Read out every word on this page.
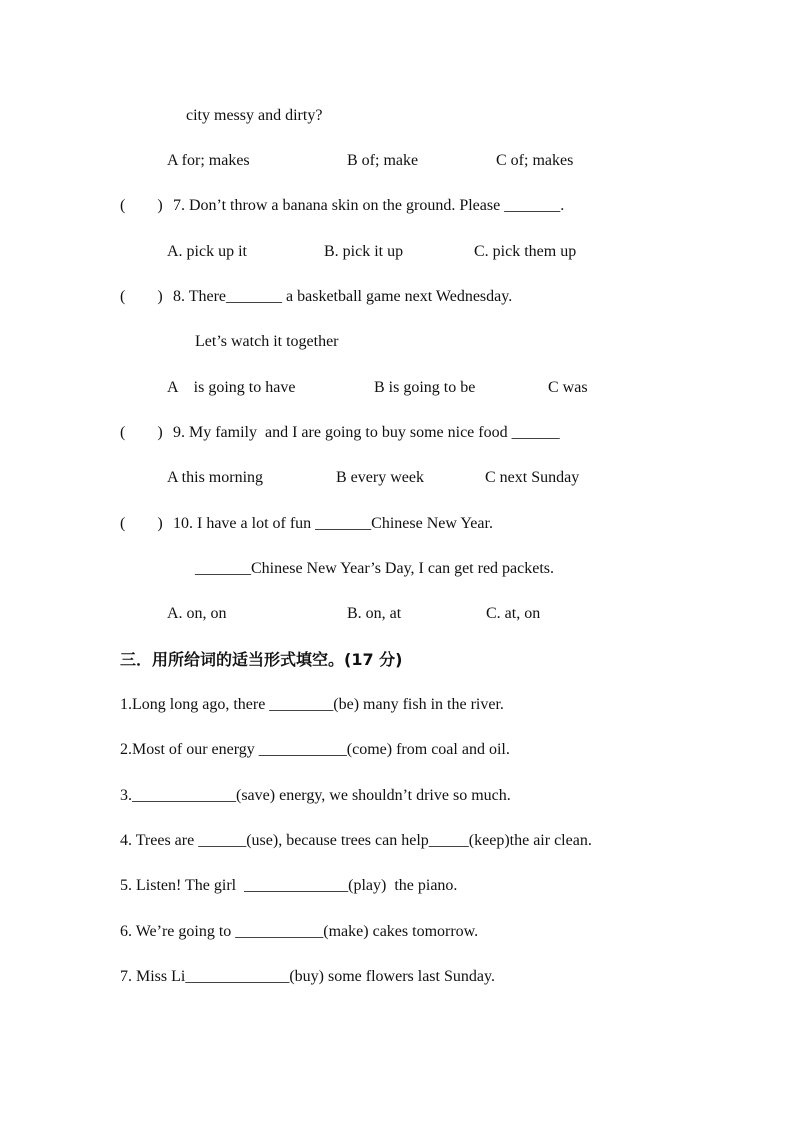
city messy and dirty?
A for; makes	B of; make	C of; makes
(        ) 7. Don’t throw a banana skin on the ground. Please _______.
A. pick up it	B. pick it up	C. pick them up
(        ) 8. There_______ a basketball game next Wednesday.
Let’s watch it together
A    is going to have	B is going to be	C was
(        ) 9. My family  and I are going to buy some nice food ______
A this morning	B every week	C next Sunday
(        ) 10. I have a lot of fun _______Chinese New Year.
_______Chinese New Year’s Day, I can get red packets.
A. on, on	B. on, at	C. at, on
三．用所给词的适当形式填空。(17 分)
1.Long long ago, there ________(be) many fish in the river.
2.Most of our energy ___________(come) from coal and oil.
3._____________(save) energy, we shouldn’t drive so much.
4. Trees are ______(use), because trees can help_____(keep)the air clean.
5. Listen! The girl  _____________(play)  the piano.
6. We’re going to ___________(make) cakes tomorrow.
7. Miss Li_____________(buy) some flowers last Sunday.
